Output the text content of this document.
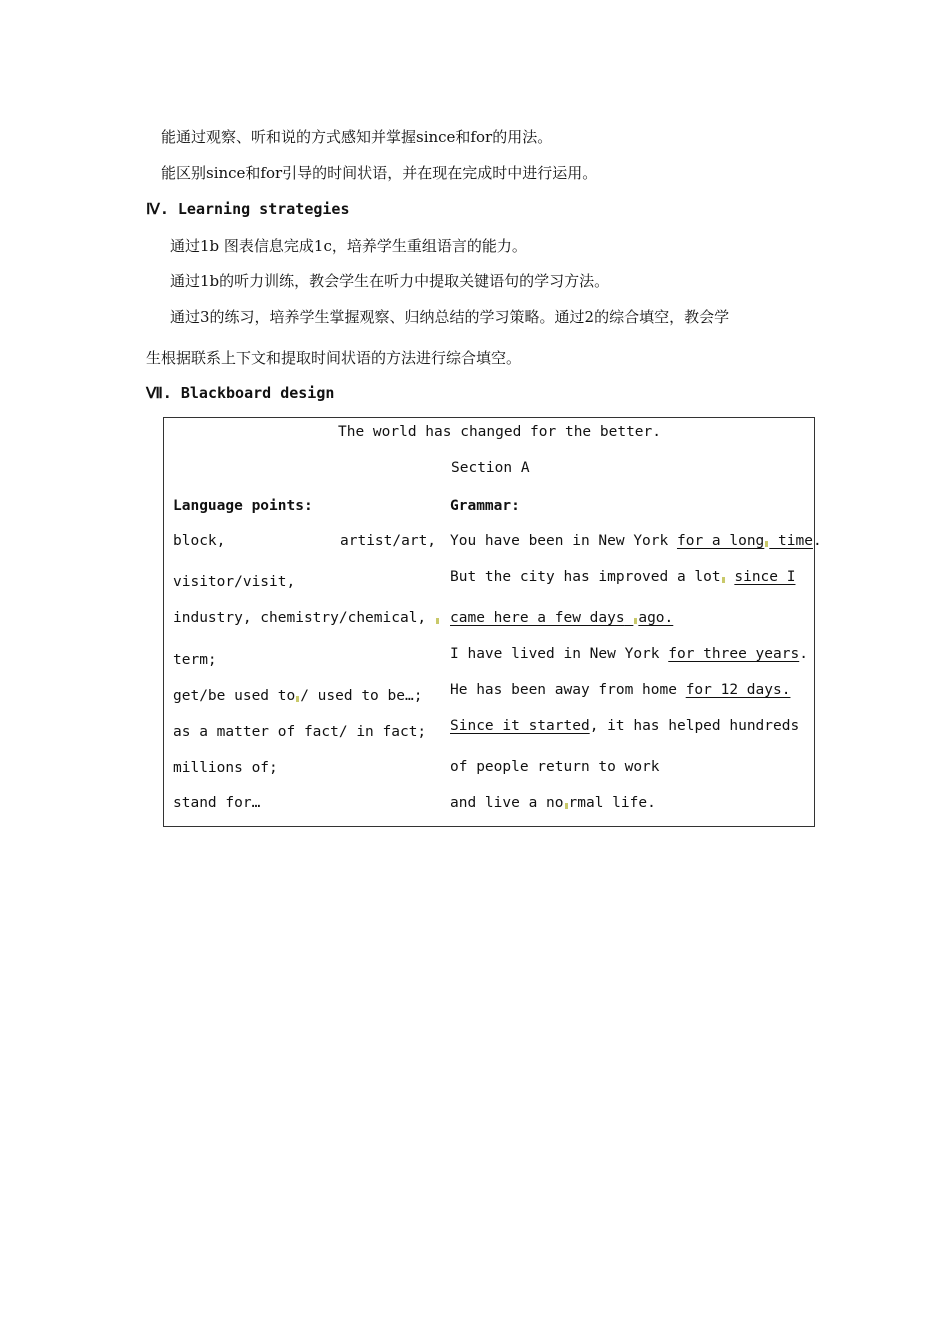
能通过观察、听和说的方式感知并掌握since和for的用法。
能区别since和for引导的时间状语，并在现在完成时中进行运用。
Ⅳ. Learning strategies
通过1b 图表信息完成1c，培养学生重组语言的能力。
通过1b的听力训练，教会学生在听力中提取关键语句的学习方法。
通过3的练习，培养学生掌握观察、归纳总结的学习策略。通过2的综合填空，教会学
生根据联系上下文和提取时间状语的方法进行综合填空。
Ⅶ. Blackboard design
The world has changed for the better.
Section A
Language points:	Grammar:
block,	artist/art,
visitor/visit,
industry, chemistry/chemical,
term;
get/be used to / used to be…;
as a matter of fact/ in fact;
millions of;
stand for…
You have been in New York for a long time.
But the city has improved a lot since I
came here a few days ago.
I have lived in New York for three years.
He has been away from home for 12 days.
Since it started, it has helped hundreds
of people return to work
and live a no rmal life.
